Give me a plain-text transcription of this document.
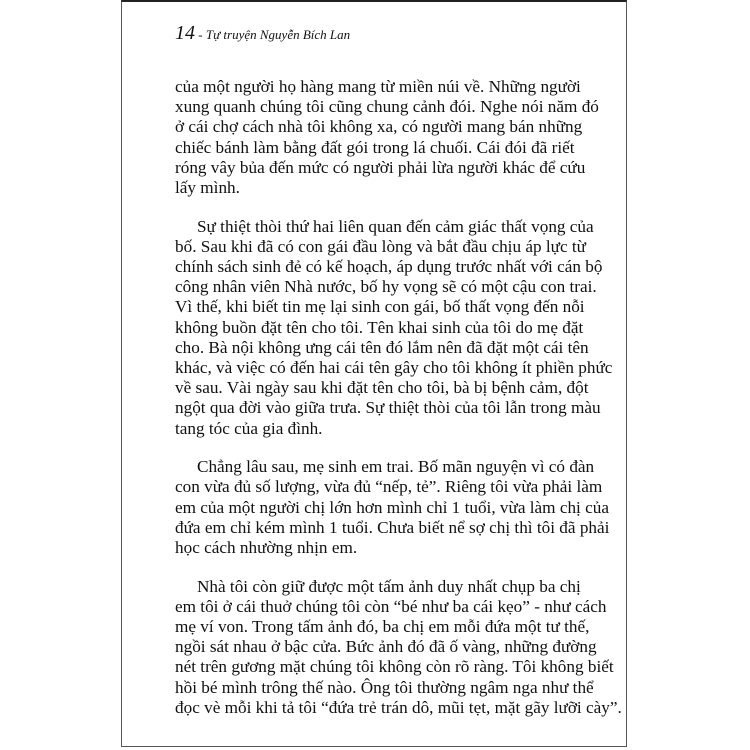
14 - Tự truyện Nguyễn Bích Lan
của một người họ hàng mang từ miền núi về. Những người
xung quanh chúng tôi cũng chung cảnh đói. Nghe nói năm đó
ở cái chợ cách nhà tôi không xa, có người mang bán những
chiếc bánh làm bằng đất gói trong lá chuối. Cái đói đã riết
róng vây bủa đến mức có người phải lừa người khác để cứu
lấy mình.
Sự thiệt thòi thứ hai liên quan đến cảm giác thất vọng của
bố. Sau khi đã có con gái đầu lòng và bắt đầu chịu áp lực từ
chính sách sinh đẻ có kế hoạch, áp dụng trước nhất với cán bộ
công nhân viên Nhà nước, bố hy vọng sẽ có một cậu con trai.
Vì thế, khi biết tin mẹ lại sinh con gái, bố thất vọng đến nỗi
không buồn đặt tên cho tôi. Tên khai sinh của tôi do mẹ đặt
cho. Bà nội không ưng cái tên đó lắm nên đã đặt một cái tên
khác, và việc có đến hai cái tên gây cho tôi không ít phiền phức
về sau. Vài ngày sau khi đặt tên cho tôi, bà bị bệnh cảm, đột
ngột qua đời vào giữa trưa. Sự thiệt thòi của tôi lẫn trong màu
tang tóc của gia đình.
Chẳng lâu sau, mẹ sinh em trai. Bố mãn nguyện vì có đàn
con vừa đủ số lượng, vừa đủ “nếp, tẻ”. Riêng tôi vừa phải làm
em của một người chị lớn hơn mình chỉ 1 tuổi, vừa làm chị của
đứa em chỉ kém mình 1 tuổi. Chưa biết nể sợ chị thì tôi đã phải
học cách nhường nhịn em.
Nhà tôi còn giữ được một tấm ảnh duy nhất chụp ba chị
em tôi ở cái thuở chúng tôi còn “bé như ba cái kẹo” - như cách
mẹ ví von. Trong tấm ảnh đó, ba chị em mỗi đứa một tư thế,
ngồi sát nhau ở bậc cửa. Bức ảnh đó đã ố vàng, những đường
nét trên gương mặt chúng tôi không còn rõ ràng. Tôi không biết
hồi bé mình trông thế nào. Ông tôi thường ngâm nga như thể
đọc vè mỗi khi tả tôi “đứa trẻ trán dô, mũi tẹt, mặt gãy lưỡi cày”.
